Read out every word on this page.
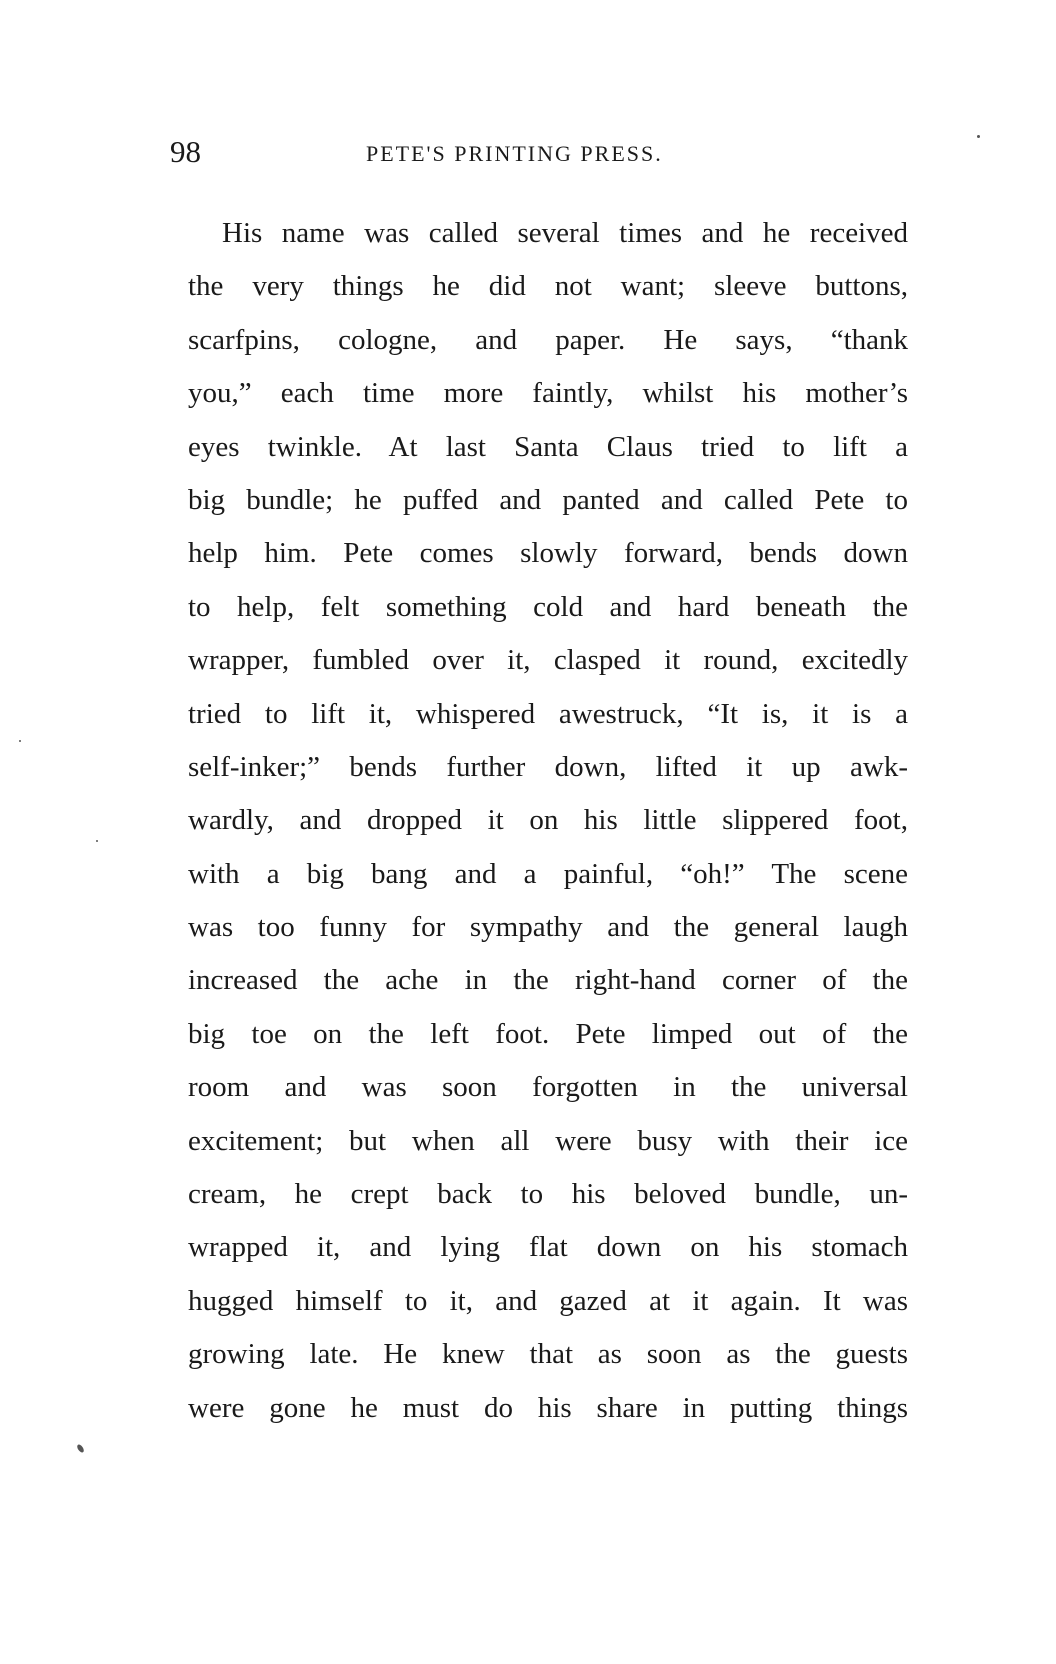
98	PETE'S PRINTING PRESS.
His name was called several times and he received
the very things he did not want; sleeve buttons,
scarfpins, cologne, and paper. He says, “thank
you,” each time more faintly, whilst his mother’s
eyes twinkle. At last Santa Claus tried to lift a
big bundle; he puffed and panted and called Pete to
help him. Pete comes slowly forward, bends down
to help, felt something cold and hard beneath the
wrapper, fumbled over it, clasped it round, excitedly
tried to lift it, whispered awestruck, “It is, it is a
self-inker;” bends further down, lifted it up awk-
wardly, and dropped it on his little slippered foot,
with a big bang and a painful, “oh!” The scene
was too funny for sympathy and the general laugh
increased the ache in the right-hand corner of the
big toe on the left foot. Pete limped out of the
room and was soon forgotten in the universal
excitement; but when all were busy with their ice
cream, he crept back to his beloved bundle, un-
wrapped it, and lying flat down on his stomach
hugged himself to it, and gazed at it again. It was
growing late. He knew that as soon as the guests
were gone he must do his share in putting things
